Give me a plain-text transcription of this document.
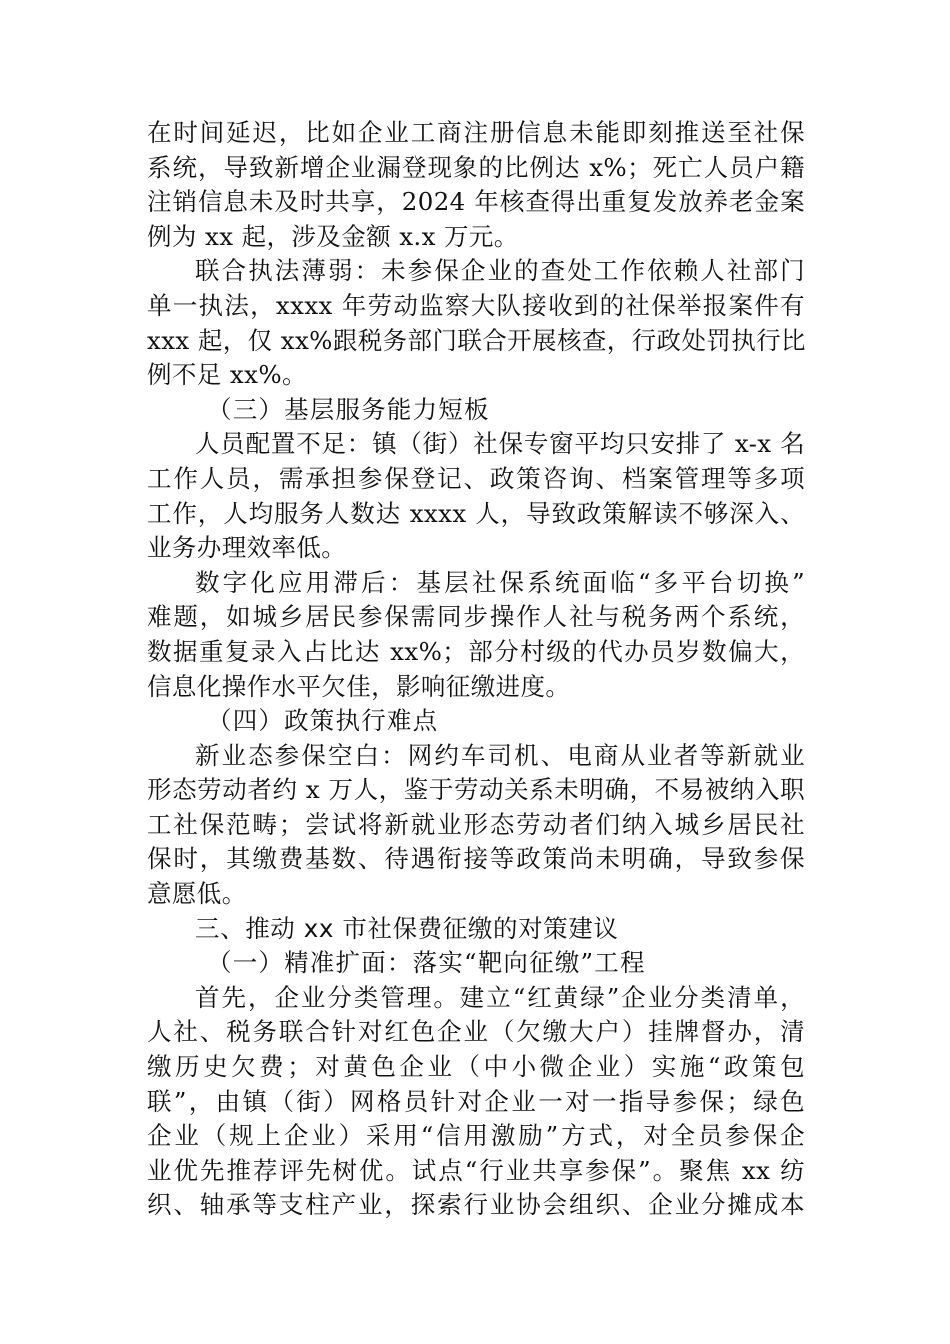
在时间延迟，比如企业工商注册信息未能即刻推送至社保
系统，导致新增企业漏登现象的比例达 x%；死亡人员户籍
注销信息未及时共享，2024 年核查得出重复发放养老金案
例为 xx 起，涉及金额 x.x 万元。
联合执法薄弱：未参保企业的查处工作依赖人社部门
单一执法，xxxx 年劳动监察大队接收到的社保举报案件有
xxx 起，仅 xx%跟税务部门联合开展核查，行政处罚执行比
例不足 xx%。
（三）基层服务能力短板
人员配置不足：镇（街）社保专窗平均只安排了 x-x 名
工作人员，需承担参保登记、政策咨询、档案管理等多项
工作，人均服务人数达 xxxx 人，导致政策解读不够深入、
业务办理效率低。
数字化应用滞后：基层社保系统面临“多平台切换”
难题，如城乡居民参保需同步操作人社与税务两个系统，
数据重复录入占比达 xx%；部分村级的代办员岁数偏大，
信息化操作水平欠佳，影响征缴进度。
（四）政策执行难点
新业态参保空白：网约车司机、电商从业者等新就业
形态劳动者约 x 万人，鉴于劳动关系未明确，不易被纳入职
工社保范畴；尝试将新就业形态劳动者们纳入城乡居民社
保时，其缴费基数、待遇衔接等政策尚未明确，导致参保
意愿低。
三、推动 xx 市社保费征缴的对策建议
（一）精准扩面：落实“靶向征缴”工程
首先，企业分类管理。建立“红黄绿”企业分类清单，
人社、税务联合针对红色企业（欠缴大户）挂牌督办，清
缴历史欠费；对黄色企业（中小微企业）实施“政策包
联”，由镇（街）网格员针对企业一对一指导参保；绿色
企业（规上企业）采用“信用激励”方式，对全员参保企
业优先推荐评先树优。试点“行业共享参保”。聚焦 xx 纺
织、轴承等支柱产业，探索行业协会组织、企业分摊成本
